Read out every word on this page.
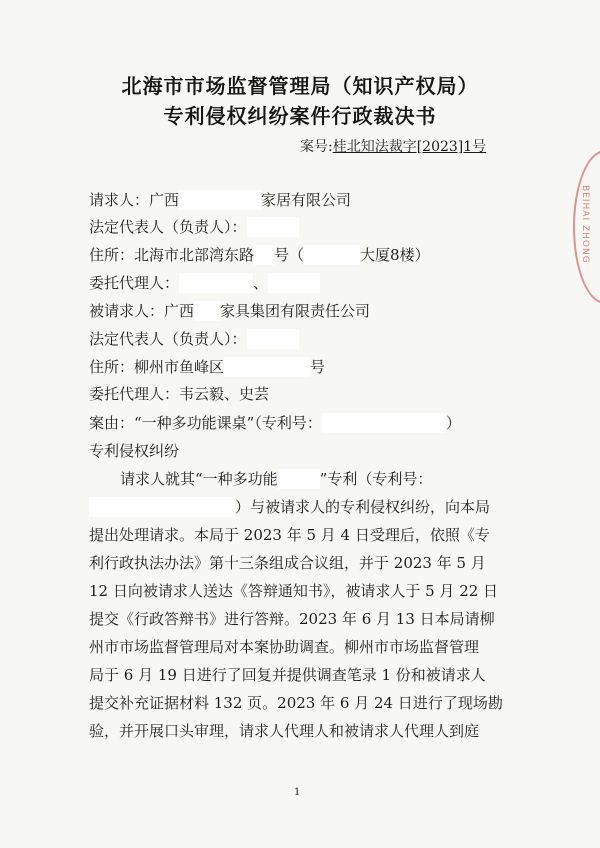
BEIHAI ZHONG
北海市市场监督管理局（知识产权局）
专利侵权纠纷案件行政裁决书
案号:桂北知法裁字[2023]1号
请求人：广西	家居有限公司
法定代表人（负责人）：
住所：北海市北部湾东路 号（	大厦8楼）
委托代理人：	、
被请求人：广西 家具集团有限责任公司
法定代表人（负责人）：
住所：柳州市鱼峰区	号
委托代理人：韦云毅、史芸
案由：“一种多功能课桌”（专利号：	）
专利侵权纠纷
请求人就其“一种多功能	”专利（专利号：
）与被请求人的专利侵权纠纷，向本局
提出处理请求。本局于 2023 年 5 月 4 日受理后，依照《专
利行政执法办法》第十三条组成合议组，并于 2023 年 5 月
12 日向被请求人送达《答辩通知书》，被请求人于 5 月 22 日
提交《行政答辩书》进行答辩。2023 年 6 月 13 日本局请柳
州市市场监督管理局对本案协助调查。柳州市市场监督管理
局于 6 月 19 日进行了回复并提供调查笔录 1 份和被请求人
提交补充证据材料 132 页。2023 年 6 月 24 日进行了现场勘
验，并开展口头审理，请求人代理人和被请求人代理人到庭
1
